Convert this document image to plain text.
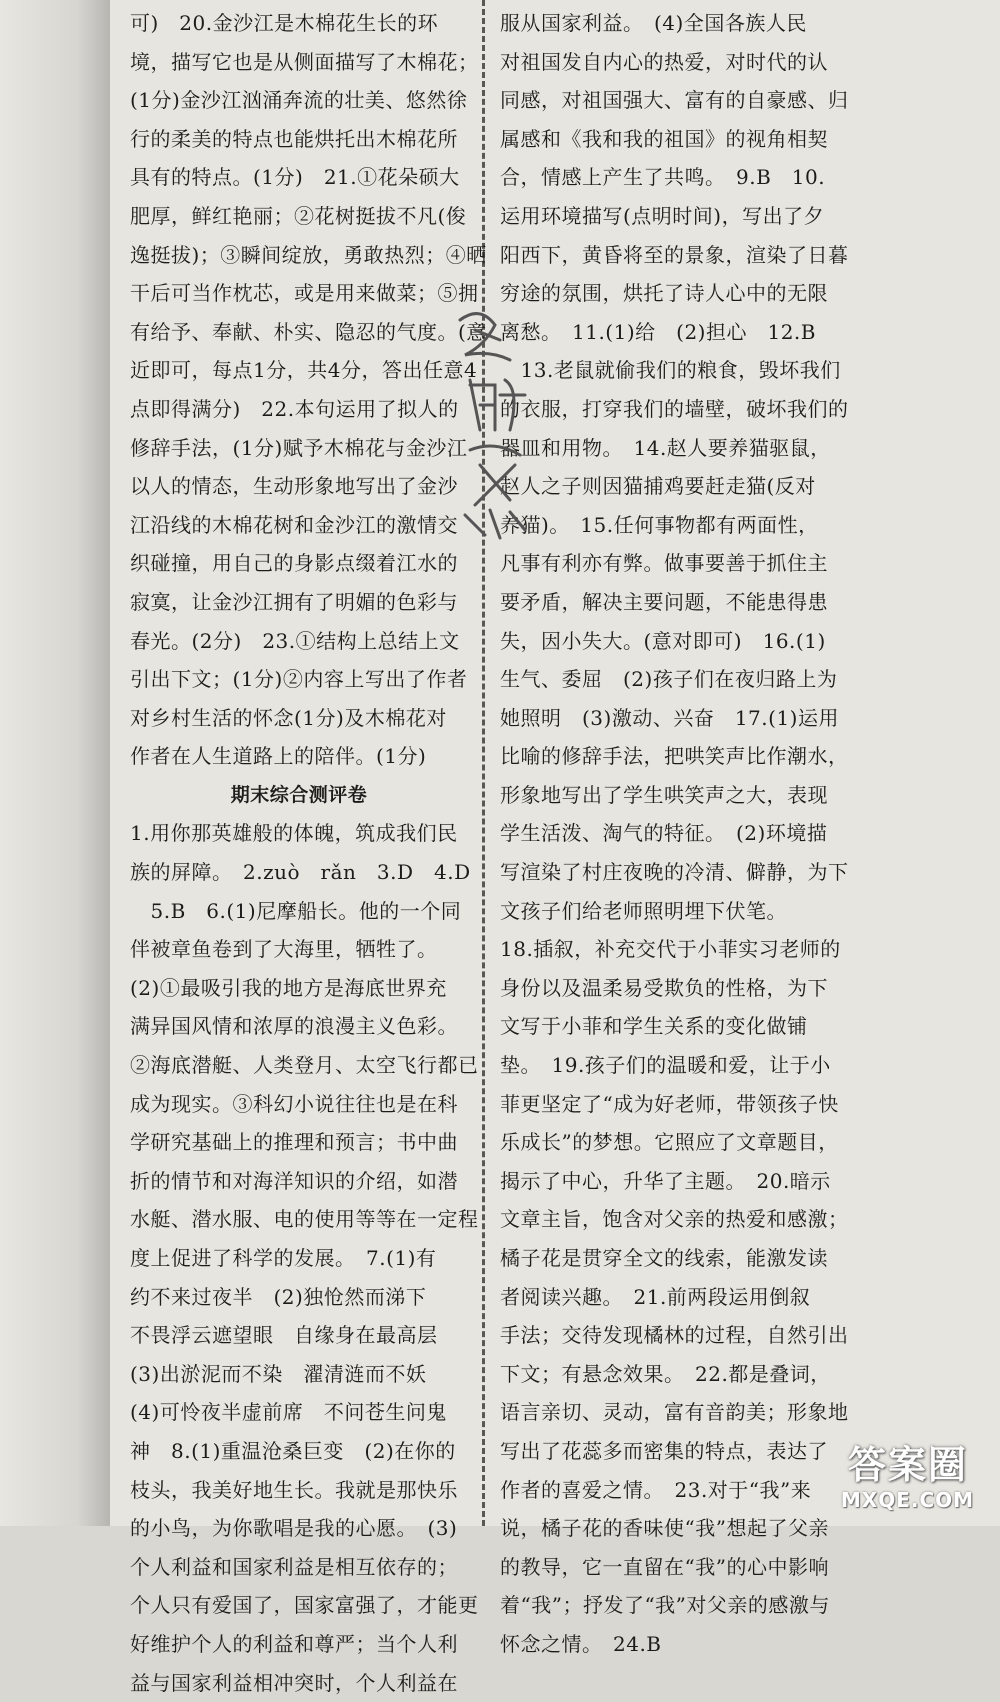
可)　20.金沙江是木棉花生长的环
境，描写它也是从侧面描写了木棉花；
(1分)金沙江汹涌奔流的壮美、悠然徐
行的柔美的特点也能烘托出木棉花所
具有的特点。(1分)　21.①花朵硕大
肥厚，鲜红艳丽；②花树挺拔不凡(俊
逸挺拔)；③瞬间绽放，勇敢热烈；④晒
干后可当作枕芯，或是用来做菜；⑤拥
有给予、奉献、朴实、隐忍的气度。(意
近即可，每点1分，共4分，答出任意4
点即得满分)　22.本句运用了拟人的
修辞手法，(1分)赋予木棉花与金沙江
以人的情态，生动形象地写出了金沙
江沿线的木棉花树和金沙江的激情交
织碰撞，用自己的身影点缀着江水的
寂寞，让金沙江拥有了明媚的色彩与
春光。(2分)　23.①结构上总结上文
引出下文；(1分)②内容上写出了作者
对乡村生活的怀念(1分)及木棉花对
作者在人生道路上的陪伴。(1分)
期末综合测评卷
1.用你那英雄般的体魄，筑成我们民
族的屏障。　2.zuò　rǎn　3.D　4.D
　5.B　6.(1)尼摩船长。他的一个同
伴被章鱼卷到了大海里，牺牲了。
(2)①最吸引我的地方是海底世界充
满异国风情和浓厚的浪漫主义色彩。
②海底潜艇、人类登月、太空飞行都已
成为现实。③科幻小说往往也是在科
学研究基础上的推理和预言；书中曲
折的情节和对海洋知识的介绍，如潜
水艇、潜水服、电的使用等等在一定程
度上促进了科学的发展。　7.(1)有
约不来过夜半　(2)独怆然而涕下
不畏浮云遮望眼　自缘身在最高层
(3)出淤泥而不染　濯清涟而不妖
(4)可怜夜半虚前席　不问苍生问鬼
神　8.(1)重温沧桑巨变　(2)在你的
枝头，我美好地生长。我就是那快乐
的小鸟，为你歌唱是我的心愿。　(3)
个人利益和国家利益是相互依存的；
个人只有爱国了，国家富强了，才能更
好维护个人的利益和尊严；当个人利
益与国家利益相冲突时，个人利益在
服从国家利益。　(4)全国各族人民
对祖国发自内心的热爱，对时代的认
同感，对祖国强大、富有的自豪感、归
属感和《我和我的祖国》的视角相契
合，情感上产生了共鸣。　9.B　10.
运用环境描写(点明时间)，写出了夕
阳西下，黄昏将至的景象，渲染了日暮
穷途的氛围，烘托了诗人心中的无限
离愁。　11.(1)给　(2)担心　12.B
　13.老鼠就偷我们的粮食，毁坏我们
的衣服，打穿我们的墙壁，破坏我们的
器皿和用物。　14.赵人要养猫驱鼠，
赵人之子则因猫捕鸡要赶走猫(反对
养猫)。　15.任何事物都有两面性，
凡事有利亦有弊。做事要善于抓住主
要矛盾，解决主要问题，不能患得患
失，因小失大。(意对即可)　16.(1)
生气、委屈　(2)孩子们在夜归路上为
她照明　(3)激动、兴奋　17.(1)运用
比喻的修辞手法，把哄笑声比作潮水，
形象地写出了学生哄笑声之大，表现
学生活泼、淘气的特征。　(2)环境描
写渲染了村庄夜晚的冷清、僻静，为下
文孩子们给老师照明埋下伏笔。
18.插叙，补充交代于小菲实习老师的
身份以及温柔易受欺负的性格，为下
文写于小菲和学生关系的变化做铺
垫。　19.孩子们的温暖和爱，让于小
菲更坚定了“成为好老师，带领孩子快
乐成长”的梦想。它照应了文章题目，
揭示了中心，升华了主题。　20.暗示
文章主旨，饱含对父亲的热爱和感激；
橘子花是贯穿全文的线索，能激发读
者阅读兴趣。　21.前两段运用倒叙
手法；交待发现橘林的过程，自然引出
下文；有悬念效果。　22.都是叠词，
语言亲切、灵动，富有音韵美；形象地
写出了花蕊多而密集的特点，表达了
作者的喜爱之情。　23.对于“我”来
说，橘子花的香味使“我”想起了父亲
的教导，它一直留在“我”的心中影响
着“我”；抒发了“我”对父亲的感激与
怀念之情。　24.B
答案圈
MXQE.COM
